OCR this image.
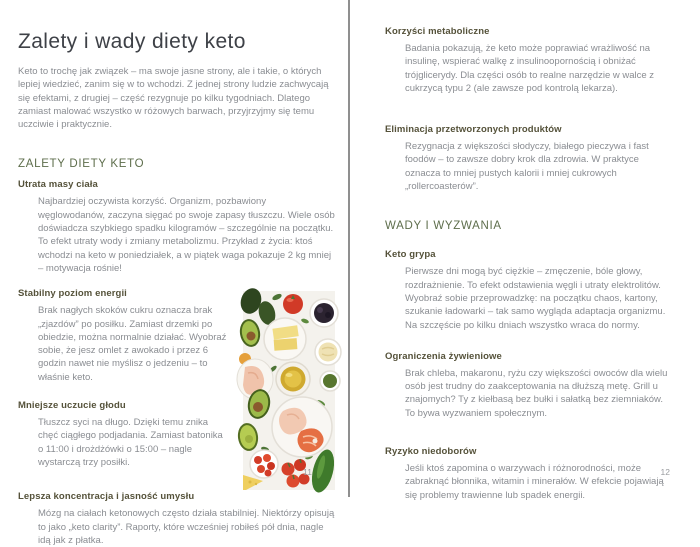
Zalety i wady diety keto

Keto to trochę jak związek – ma swoje jasne strony, ale i takie, o których lepiej wiedzieć, zanim się w to wchodzi. Z jednej strony ludzie zachwycają się efektami, z drugiej – część rezygnuje po kilku tygodniach. Dlatego zamiast malować wszystko w różowych barwach, przyjrzyjmy się temu uczciwie i praktycznie.

ZALETY DIETY KETO
Utrata masy ciała

Najbardziej oczywista korzyść. Organizm, pozbawiony węglowodanów, zaczyna sięgać po swoje zapasy tłuszczu. Wiele osób doświadcza szybkiego spadku kilogramów – szczególnie na początku. To efekt utraty wody i zmiany metabolizmu. Przykład z życia: ktoś wchodzi na keto w poniedziałek, a w piątek waga pokazuje 2 kg mniej – motywacja rośnie!

Stabilny poziom energii

Brak nagłych skoków cukru oznacza brak „zjazdów” po posiłku. Zamiast drzemki po obiedzie, można normalnie działać. Wyobraź sobie, że jesz omlet z awokado i przez 6 godzin nawet nie myślisz o jedzeniu – to właśnie keto.

Mniejsze uczucie głodu

Tłuszcz syci na długo. Dzięki temu znika chęć ciągłego podjadania. Zamiast batonika o 11:00 i drożdżówki o 15:00 – nagle wystarczą trzy posiłki.

Lepsza koncentracja i jasność umysłu

Mózg na ciałach ketonowych często działa stabilniej. Niektórzy opisują to jako „keto clarity”. Raporty, które wcześniej robiłeś pół dnia, nagle idą jak z płatka.

11
Korzyści metaboliczne

Badania pokazują, że keto może poprawiać wrażliwość na insulinę, wspierać walkę z insulinoopornością i obniżać trójglicerydy. Dla części osób to realne narzędzie w walce z cukrzycą typu 2 (ale zawsze pod kontrolą lekarza).

Eliminacja przetworzonych produktów

Rezygnacja z większości słodyczy, białego pieczywa i fast foodów – to zawsze dobry krok dla zdrowia. W praktyce oznacza to mniej pustych kalorii i mniej cukrowych „rollercoasterów”.

WADY I WYZWANIA
Keto grypa

Pierwsze dni mogą być ciężkie – zmęczenie, bóle głowy, rozdrażnienie. To efekt odstawienia węgli i utraty elektrolitów. Wyobraź sobie przeprowadzkę: na początku chaos, kartony, szukanie ładowarki – tak samo wygląda adaptacja organizmu. Na szczęście po kilku dniach wszystko wraca do normy.

Ograniczenia żywieniowe

Brak chleba, makaronu, ryżu czy większości owoców dla wielu osób jest trudny do zaakceptowania na dłuższą metę. Grill u znajomych? Ty z kiełbasą bez bułki i sałatką bez ziemniaków. To bywa wyzwaniem społecznym.

Ryzyko niedoborów

Jeśli ktoś zapomina o warzywach i różnorodności, może zabraknąć błonnika, witamin i minerałów. W efekcie pojawiają się problemy trawienne lub spadek energii.

12
